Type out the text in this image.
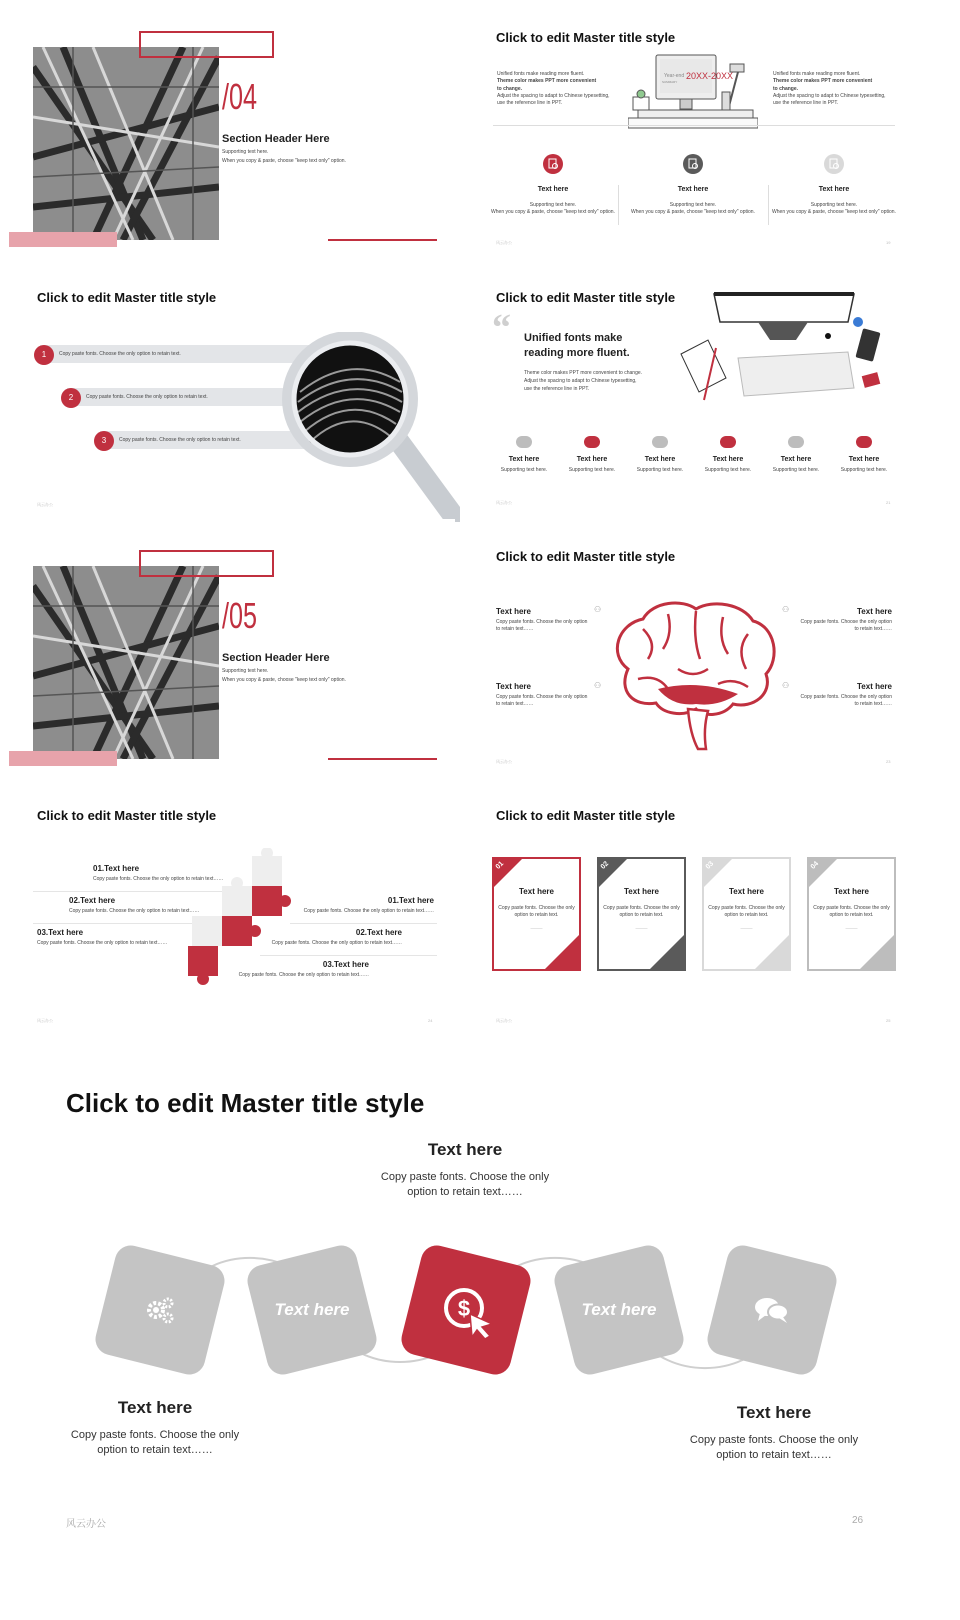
/04
Section Header Here
Supporting text here.
When you copy & paste, choose "keep text only" option.
Click to edit Master title style
Unified fonts make reading more fluent.
Theme color makes PPT more convenient
to change.
Adjust the spacing to adapt to Chinese typesetting,
use the reference line in PPT.
Unified fonts make reading more fluent.
Theme color makes PPT more convenient
to change.
Adjust the spacing to adapt to Chinese typesetting,
use the reference line in PPT.
Year-end
SUMMARY
20XX-20XX
Text here
Supporting text here.
When you copy & paste, choose "keep text only" option.
Text here
Supporting text here.
When you copy & paste, choose "keep text only" option.
Text here
Supporting text here.
When you copy & paste, choose "keep text only" option.
风云办公	19
Click to edit Master title style
1
2
3
Copy paste fonts. Choose the only option to retain text.
Copy paste fonts. Choose the only option to retain text.
Copy paste fonts. Choose the only option to retain text.
风云办公
Click to edit Master title style
“ Unified fonts make
reading more fluent.
Theme color makes PPT more convenient to change.
Adjust the spacing to adapt to Chinese typesetting,
use the reference line in PPT.
Text here
Supporting text here.
Text here
Supporting text here.
Text here
Supporting text here.
Text here
Supporting text here.
Text here
Supporting text here.
Text here
Supporting text here.
风云办公	21
/05
Section Header Here
Supporting text here.
When you copy & paste, choose "keep text only" option.
Click to edit Master title style
Text here
Copy paste fonts. Choose the only option
to retain text……
Text here
Copy paste fonts. Choose the only option
to retain text……
Text here
Copy paste fonts. Choose the only option
to retain text……
Text here
Copy paste fonts. Choose the only option
to retain text……
⚇
⚇
⚇
⚇
风云办公	23
Click to edit Master title style
01.Text here
Copy paste fonts. Choose the only option to retain text……
02.Text here
Copy paste fonts. Choose the only option to retain text……
03.Text here
Copy paste fonts. Choose the only option to retain text……
01.Text here
Copy paste fonts. Choose the only option to retain text……
02.Text here
Copy paste fonts. Choose the only option to retain text……
03.Text here
Copy paste fonts. Choose the only option to retain text……
风云办公	24
Click to edit Master title style
01
Text here
Copy paste fonts. Choose the only
option to retain text.
———
02
Text here
Copy paste fonts. Choose the only
option to retain text.
———
03
Text here
Copy paste fonts. Choose the only
option to retain text.
———
04
Text here
Copy paste fonts. Choose the only
option to retain text.
———
风云办公	25
Click to edit Master title style
Text here
Copy paste fonts. Choose the only
option to retain text……
Text here	$	Text here
Text here
Copy paste fonts. Choose the only
option to retain text……
Text here
Copy paste fonts. Choose the only
option to retain text……
风云办公	26
